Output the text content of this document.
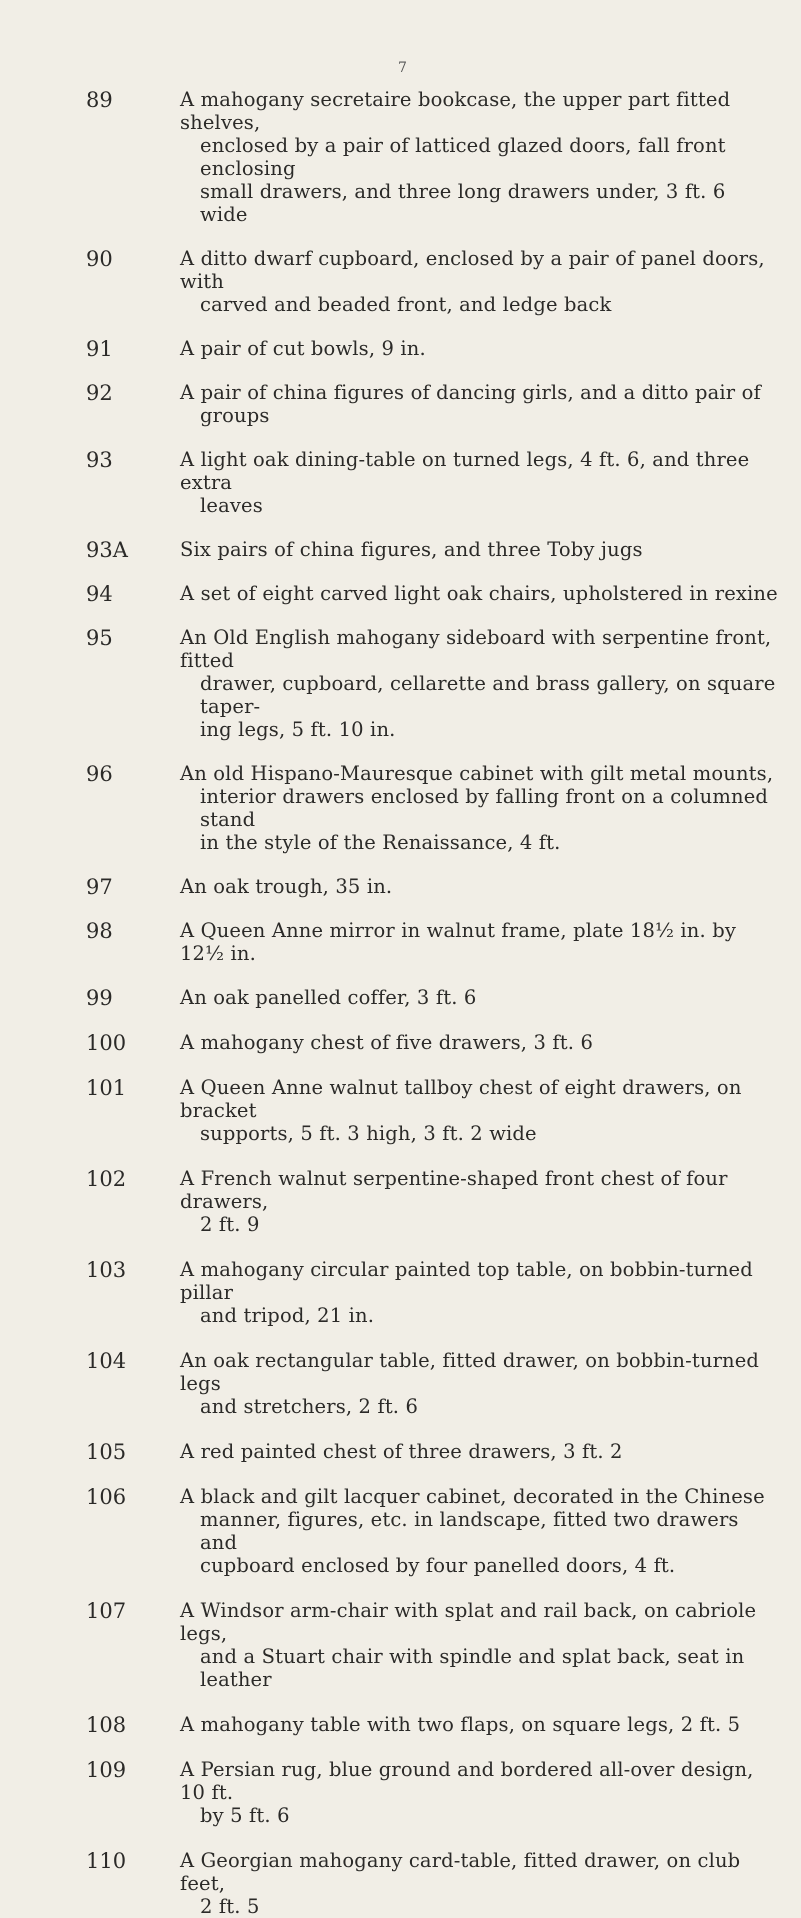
7
89	A mahogany secretaire bookcase, the upper part fitted shelves,
enclosed by a pair of latticed glazed doors, fall front enclosing
small drawers, and three long drawers under, 3 ft. 6 wide
90	A ditto dwarf cupboard, enclosed by a pair of panel doors, with
carved and beaded front, and ledge back
91	A pair of cut bowls, 9 in.
92	A pair of china figures of dancing girls, and a ditto pair of
groups
93	A light oak dining-table on turned legs, 4 ft. 6, and three extra
leaves
93A	Six pairs of china figures, and three Toby jugs
94	A set of eight carved light oak chairs, upholstered in rexine
95	An Old English mahogany sideboard with serpentine front, fitted
drawer, cupboard, cellarette and brass gallery, on square taper-
ing legs, 5 ft. 10 in.
96	An old Hispano-Mauresque cabinet with gilt metal mounts,
interior drawers enclosed by falling front on a columned stand
in the style of the Renaissance, 4 ft.
97	An oak trough, 35 in.
98	A Queen Anne mirror in walnut frame, plate 18½ in. by 12½ in.
99	An oak panelled coffer, 3 ft. 6
100	A mahogany chest of five drawers, 3 ft. 6
101	A Queen Anne walnut tallboy chest of eight drawers, on bracket
supports, 5 ft. 3 high, 3 ft. 2 wide
102	A French walnut serpentine-shaped front chest of four drawers,
2 ft. 9
103	A mahogany circular painted top table, on bobbin-turned pillar
and tripod, 21 in.
104	An oak rectangular table, fitted drawer, on bobbin-turned legs
and stretchers, 2 ft. 6
105	A red painted chest of three drawers, 3 ft. 2
106	A black and gilt lacquer cabinet, decorated in the Chinese
manner, figures, etc. in landscape, fitted two drawers and
cupboard enclosed by four panelled doors, 4 ft.
107	A Windsor arm-chair with splat and rail back, on cabriole legs,
and a Stuart chair with spindle and splat back, seat in leather
108	A mahogany table with two flaps, on square legs, 2 ft. 5
109	A Persian rug, blue ground and bordered all-over design, 10 ft.
by 5 ft. 6
110	A Georgian mahogany card-table, fitted drawer, on club feet,
2 ft. 5
